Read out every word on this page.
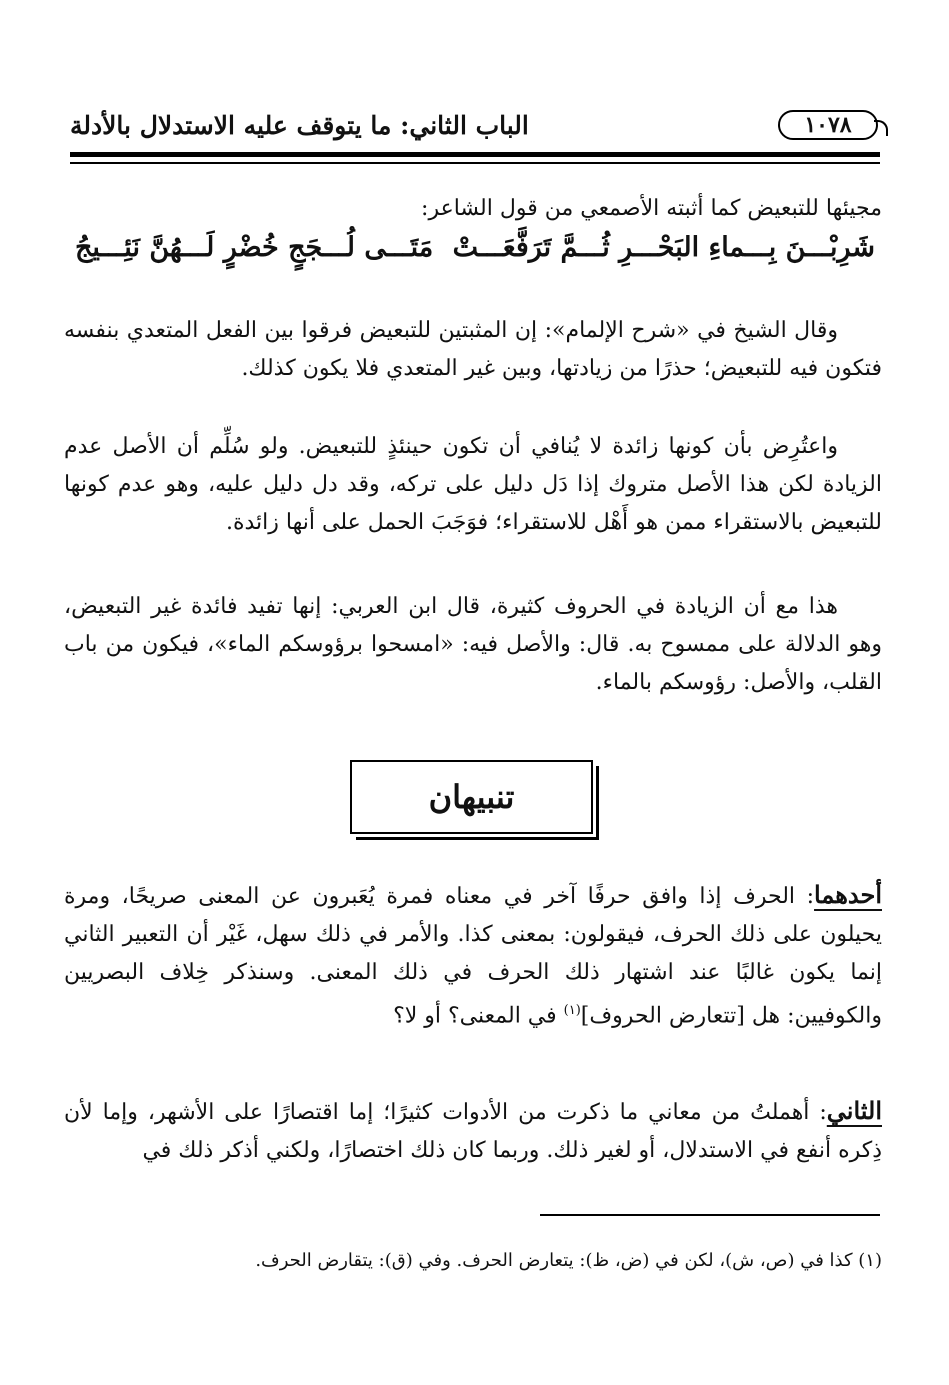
١٠٧٨
الباب الثاني: ما يتوقف عليه الاستدلال بالأدلة

مجيئها للتبعيض كما أثبته الأصمعي من قول الشاعر:

شَرِبْـــنَ بِـــماءِ البَحْـــرِ ثُـــمَّ تَرَفَّعَـــتْ
مَتَـــى لُـــجَجٍ خُضْرٍ لَـــهُنَّ نَئِـــيجُ

وقال الشيخ في «شرح الإلمام»: إن المثبتين للتبعيض فرقوا بين الفعل المتعدي بنفسه فتكون فيه للتبعيض؛ حذرًا من زيادتها، وبين غير المتعدي فلا يكون كذلك.

واعتُرِض بأن كونها زائدة لا يُنافي أن تكون حينئذٍ للتبعيض. ولو سُلِّم أن الأصل عدم الزيادة لكن هذا الأصل متروك إذا دَل دليل على تركه، وقد دل دليل عليه، وهو عدم كونها للتبعيض بالاستقراء ممن هو أَهْل للاستقراء؛ فوَجَبَ الحمل على أنها زائدة.

هذا مع أن الزيادة في الحروف كثيرة، قال ابن العربي: إنها تفيد فائدة غير التبعيض، وهو الدلالة على ممسوح به. قال: والأصل فيه: «امسحوا برؤوسكم الماء»، فيكون من باب القلب، والأصل: رؤوسكم بالماء.

تنبيهان

أحدهما: الحرف إذا وافق حرفًا آخر في معناه فمرة يُعَبرون عن المعنى صريحًا، ومرة يحيلون على ذلك الحرف، فيقولون: بمعنى كذا. والأمر في ذلك سهل، غَيْر أن التعبير الثاني إنما يكون غالبًا عند اشتهار ذلك الحرف في ذلك المعنى. وسنذكر خِلاف البصريين والكوفيين: هل [تتعارض الحروف]$^{(١)}$ في المعنى؟ أو لا؟

الثاني: أهملتُ من معاني ما ذكرت من الأدوات كثيرًا؛ إما اقتصارًا على الأشهر، وإما لأن ذِكره أنفع في الاستدلال، أو لغير ذلك. وربما كان ذلك اختصارًا، ولكني أذكر ذلك في

(١) كذا في (ص، ش)، لكن في (ض، ظ): يتعارض الحرف. وفي (ق): يتقارض الحرف.
